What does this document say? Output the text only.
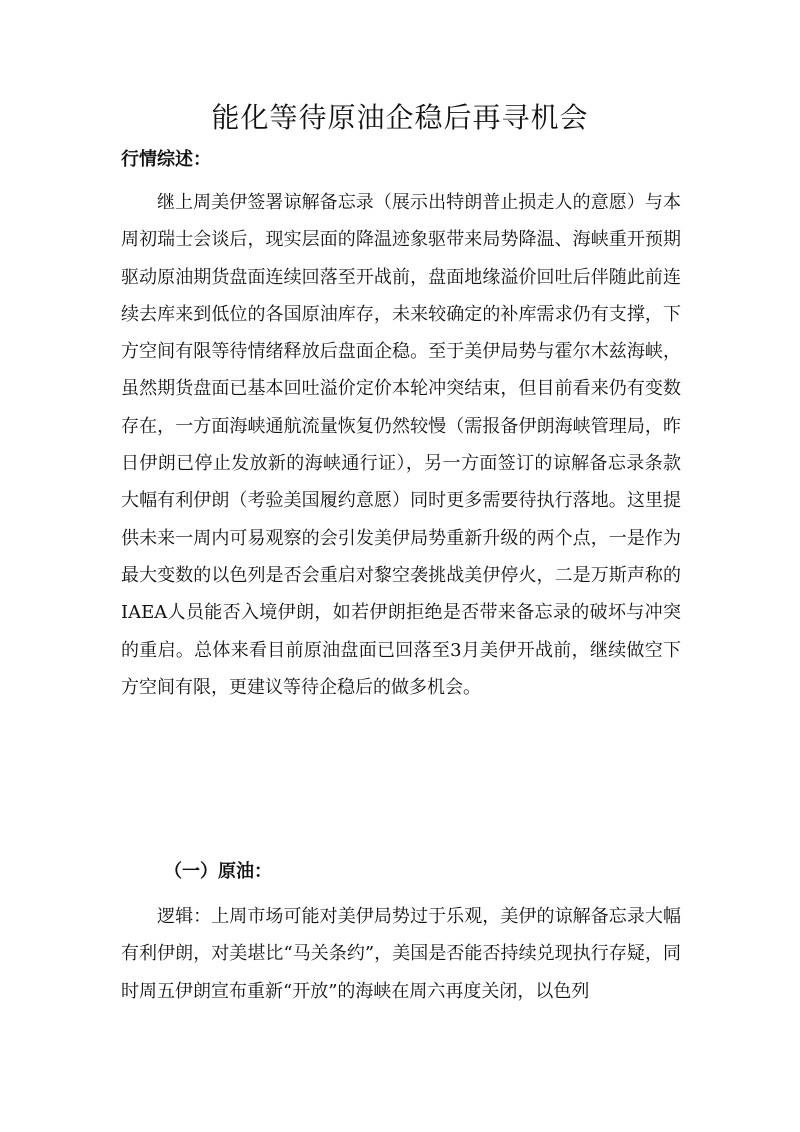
能化等待原油企稳后再寻机会
行情综述：

继上周美伊签署谅解备忘录（展示出特朗普止损走人的意愿）与本周初瑞士会谈后，现实层面的降温迹象驱带来局势降温、海峡重开预期驱动原油期货盘面连续回落至开战前，盘面地缘溢价回吐后伴随此前连续去库来到低位的各国原油库存，未来较确定的补库需求仍有支撑，下方空间有限等待情绪释放后盘面企稳。至于美伊局势与霍尔木兹海峡，虽然期货盘面已基本回吐溢价定价本轮冲突结束，但目前看来仍有变数存在，一方面海峡通航流量恢复仍然较慢（需报备伊朗海峡管理局，昨日伊朗已停止发放新的海峡通行证），另一方面签订的谅解备忘录条款大幅有利伊朗（考验美国履约意愿）同时更多需要待执行落地。这里提供未来一周内可易观察的会引发美伊局势重新升级的两个点，一是作为最大变数的以色列是否会重启对黎空袭挑战美伊停火，二是万斯声称的IAEA人员能否入境伊朗，如若伊朗拒绝是否带来备忘录的破坏与冲突的重启。总体来看目前原油盘面已回落至3月美伊开战前，继续做空下方空间有限，更建议等待企稳后的做多机会。

（一）原油：

逻辑：上周市场可能对美伊局势过于乐观，美伊的谅解备忘录大幅有利伊朗，对美堪比“马关条约”，美国是否能否持续兑现执行存疑，同时周五伊朗宣布重新“开放”的海峡在周六再度关闭，以色列
